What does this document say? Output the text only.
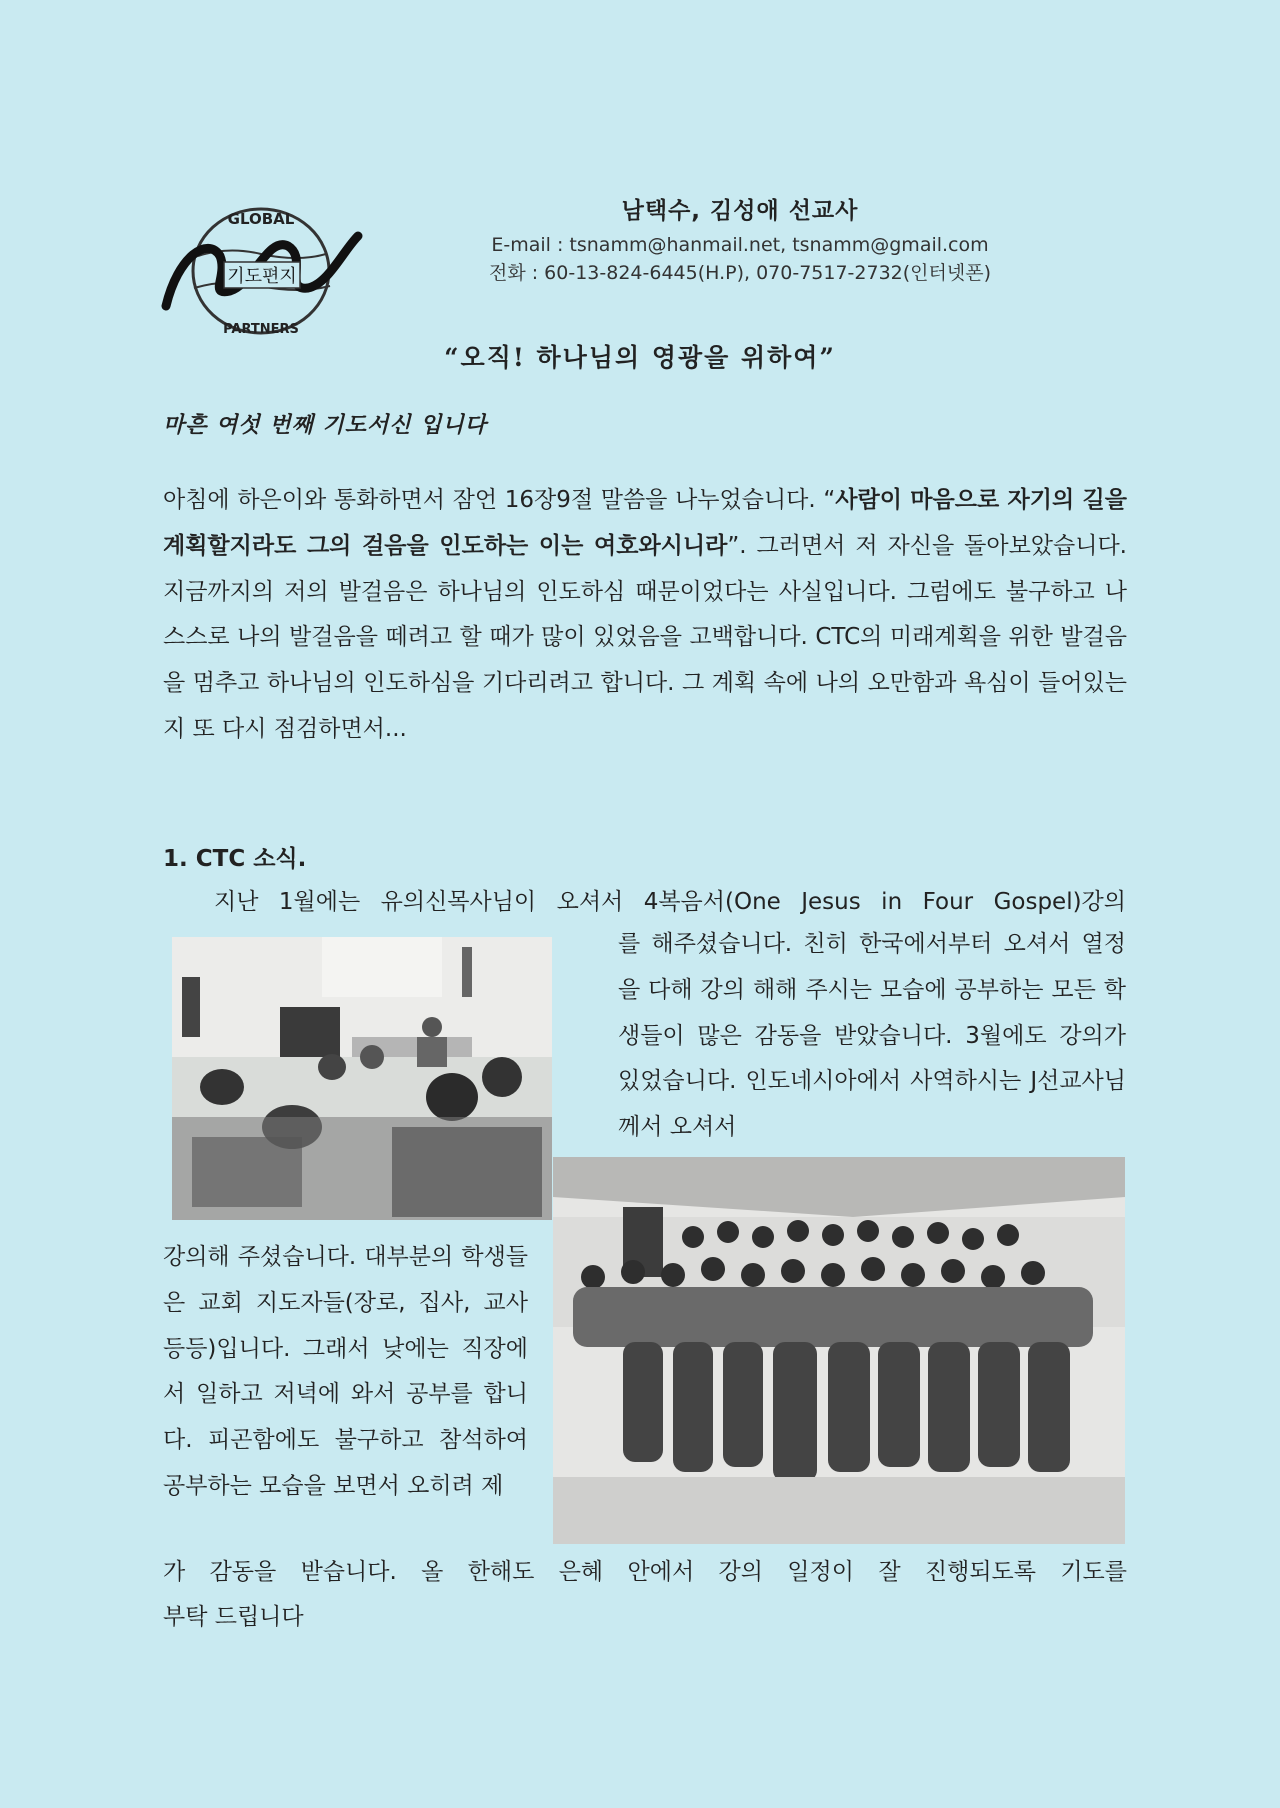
GLOBAL
기도편지
PARTNERS
남택수, 김성애 선교사
E-mail : tsnamm@hanmail.net, tsnamm@gmail.com
전화 : 60-13-824-6445(H.P), 070-7517-2732(인터넷폰)
“오직! 하나님의 영광을 위하여”
마흔 여섯 번째 기도서신 입니다
아침에 하은이와 통화하면서 잠언 16장9절 말씀을 나누었습니다. “사람이 마음으로 자기의 길을 계획할지라도 그의 걸음을 인도하는 이는 여호와시니라”. 그러면서 저 자신을 돌아보았습니다. 지금까지의 저의 발걸음은 하나님의 인도하심 때문이었다는 사실입니다. 그럼에도 불구하고 나 스스로 나의 발걸음을 떼려고 할 때가 많이 있었음을 고백합니다. CTC의 미래계획을 위한 발걸음을 멈추고 하나님의 인도하심을 기다리려고 합니다. 그 계획 속에 나의 오만함과 욕심이 들어있는지 또 다시 점검하면서...
1. CTC 소식.
지난 1월에는 유의신목사님이 오셔서 4복음서(One Jesus in Four Gospel)강의
를 해주셨습니다. 친히 한국에서부터 오셔서 열정을 다해 강의 해해 주시는 모습에 공부하는 모든 학생들이 많은 감동을 받았습니다. 3월에도 강의가 있었습니다. 인도네시아에서 사역하시는 J선교사님께서 오셔서
강의해 주셨습니다. 대부분의 학생들은 교회 지도자들(장로, 집사, 교사 등등)입니다. 그래서 낮에는 직장에서 일하고 저녁에 와서 공부를 합니다. 피곤함에도 불구하고 참석하여 공부하는 모습을 보면서 오히려 제
가 감동을 받습니다. 올 한해도 은혜 안에서 강의 일정이 잘 진행되도록 기도를
부탁 드립니다
